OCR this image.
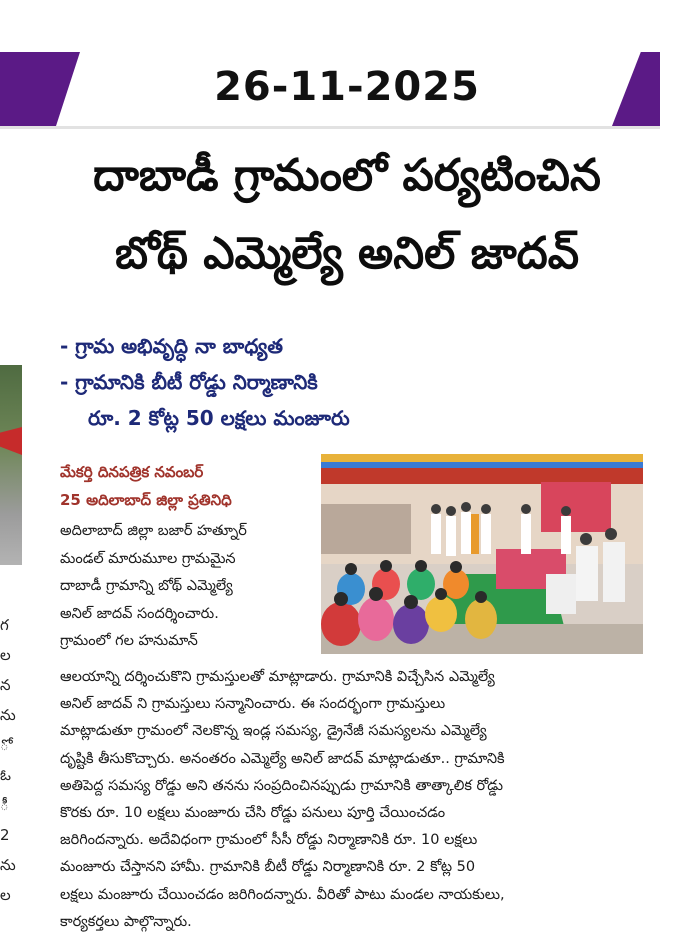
26-11-2025
దాబాడీ గ్రామంలో పర్యటించిన
బోథ్ ఎమ్మెల్యే అనిల్ జాదవ్
- గ్రామ అభివృద్ధి నా బాధ్యత
- గ్రామానికి బీటీ రోడ్డు నిర్మాణానికి
రూ. 2 కోట్ల 50 లక్షలు మంజూరు
గ
ల
న
ను
ో
ఓ
ీ
2
ను
ల
మేకర్తి దినపత్రిక నవంబర్
25 అదిలాబాద్ జిల్లా ప్రతినిధి
అదిలాబాద్ జిల్లా బజార్ హత్నూర్
మండల్ మారుమూల గ్రామమైన
దాబాడీ గ్రామాన్ని బోథ్ ఎమ్మెల్యే
అనిల్ జాదవ్ సందర్శించారు.
గ్రామంలో గల హనుమాన్
ఆలయాన్ని దర్శించుకొని గ్రామస్తులతో మాట్లాడారు. గ్రామానికి విచ్చేసిన ఎమ్మెల్యే
అనిల్ జాదవ్ ని గ్రామస్తులు సన్మానించారు. ఈ సందర్భంగా గ్రామస్తులు
మాట్లాడుతూ గ్రామంలో నెలకొన్న ఇండ్ల సమస్య, డ్రైనేజీ సమస్యలను ఎమ్మెల్యే
దృష్టికి తీసుకొచ్చారు. అనంతరం ఎమ్మెల్యే అనిల్ జాదవ్ మాట్లాడుతూ.. గ్రామానికి
అతిపెద్ద సమస్య రోడ్డు అని తనను సంప్రదించినప్పుడు గ్రామానికి తాత్కాలిక రోడ్డు
కొరకు రూ. 10 లక్షలు మంజూరు చేసి రోడ్డు పనులు పూర్తి చేయించడం
జరిగిందన్నారు. అదేవిధంగా గ్రామంలో సీసీ రోడ్డు నిర్మాణానికి రూ. 10 లక్షలు
మంజూరు చేస్తానని హామీ. గ్రామానికి బీటీ రోడ్డు నిర్మాణానికి రూ. 2 కోట్ల 50
లక్షలు మంజూరు చేయించడం జరిగిందన్నారు. వీరితో పాటు మండల నాయకులు,
కార్యకర్తలు పాల్గొన్నారు.
